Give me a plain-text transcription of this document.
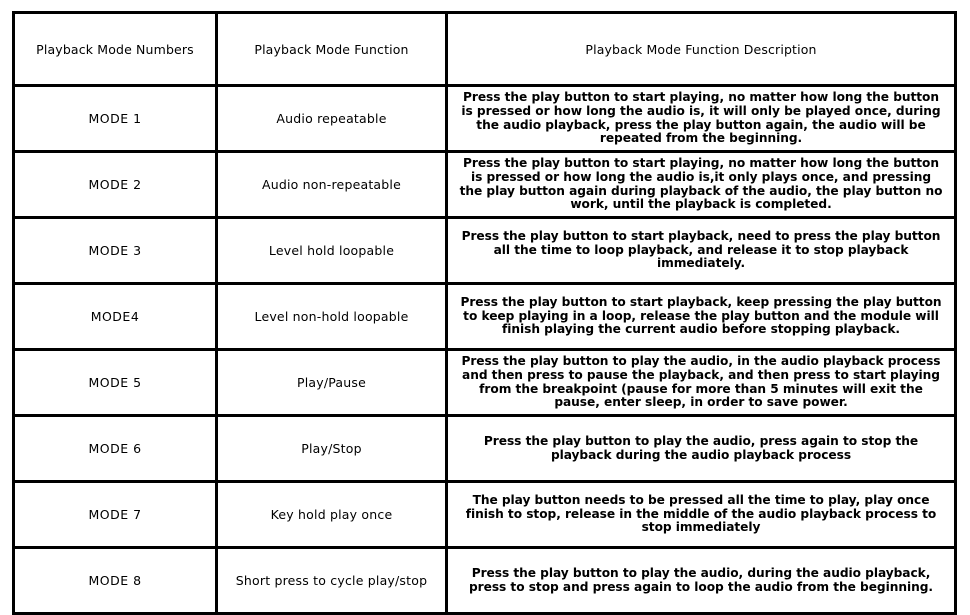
Playback Mode Numbers	Playback Mode Function	Playback Mode Function Description

MODE 1	Audio repeatable	Press the play button to start playing, no matter how long the button is pressed or how long the audio is, it will only be played once, during the audio playback, press the play button again, the audio will be repeated from the beginning.

MODE 2	Audio non-repeatable	Press the play button to start playing, no matter how long the button is pressed or how long the audio is,it only plays once, and pressing the play button again during playback of the audio, the play button no work, until the playback is completed.

MODE 3	Level hold loopable	Press the play button to start playback, need to press the play button all the time to loop playback, and release it to stop playback immediately.

MODE4	Level non-hold loopable	Press the play button to start playback, keep pressing the play button to keep playing in a loop, release the play button and the module will finish playing the current audio before stopping playback.

MODE 5	Play/Pause	Press the play button to play the audio, in the audio playback process and then press to pause the playback, and then press to start playing from the breakpoint (pause for more than 5 minutes will exit the pause, enter sleep, in order to save power.

MODE 6	Play/Stop	Press the play button to play the audio, press again to stop the playback during the audio playback process

MODE 7	Key hold play once	The play button needs to be pressed all the time to play, play once finish to stop, release in the middle of the audio playback process to stop immediately

MODE 8	Short press to cycle play/stop	Press the play button to play the audio, during the audio playback, press to stop and press again to loop the audio from the beginning.
